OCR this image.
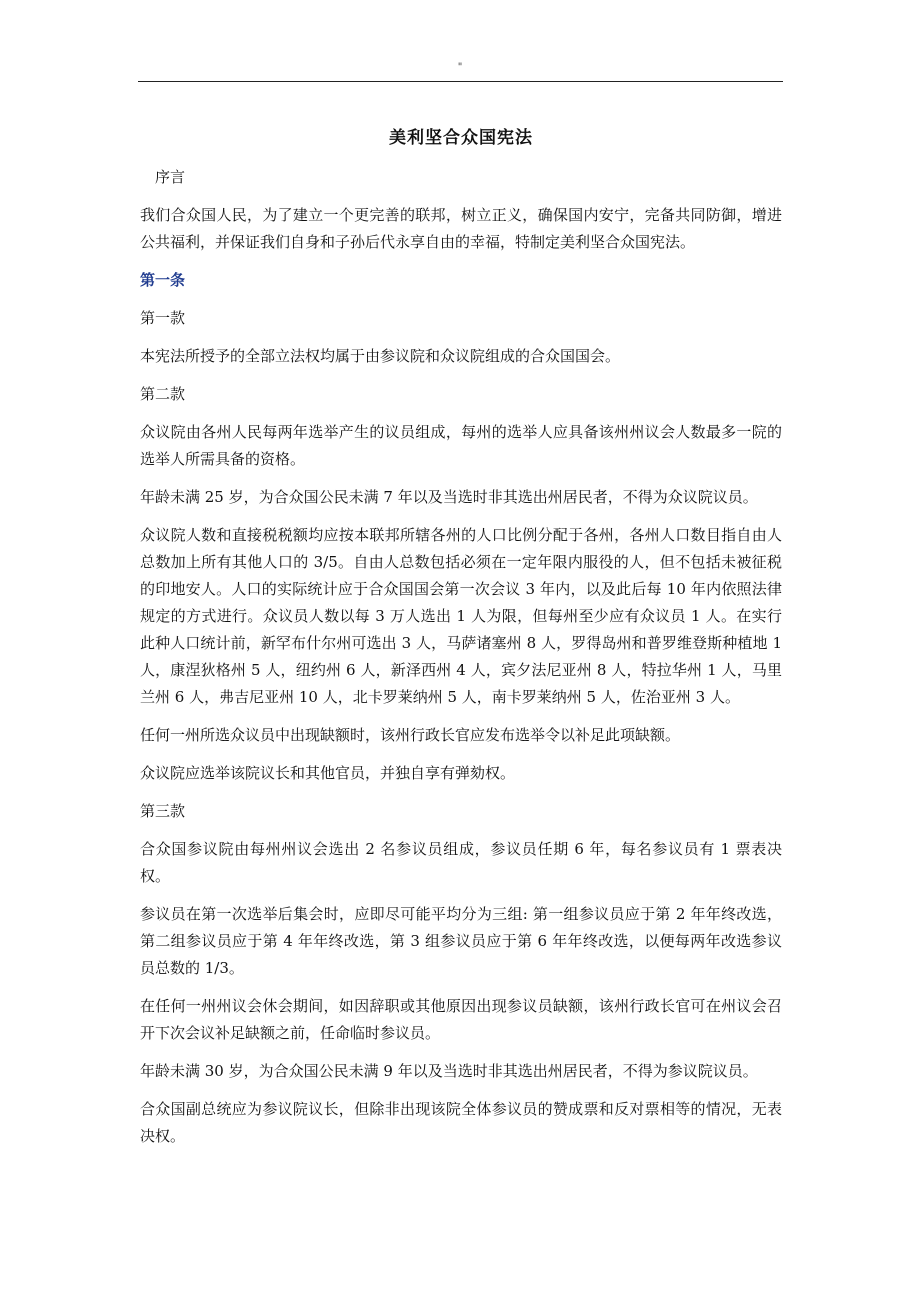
"
美利坚合众国宪法

序言

我们合众国人民，为了建立一个更完善的联邦，树立正义，确保国内安宁，完备共同防御，增进公共福利，并保证我们自身和子孙后代永享自由的幸福，特制定美利坚合众国宪法。

第一条

第一款

本宪法所授予的全部立法权均属于由参议院和众议院组成的合众国国会。

第二款

众议院由各州人民每两年选举产生的议员组成，每州的选举人应具备该州州议会人数最多一院的选举人所需具备的资格。

年龄未满 25 岁，为合众国公民未满 7 年以及当选时非其选出州居民者，不得为众议院议员。

众议院人数和直接税税额均应按本联邦所辖各州的人口比例分配于各州，各州人口数目指自由人总数加上所有其他人口的 3/5。自由人总数包括必须在一定年限内服役的人，但不包括未被征税的印地安人。人口的实际统计应于合众国国会第一次会议 3 年内，以及此后每 10 年内依照法律规定的方式进行。众议员人数以每 3 万人选出 1 人为限，但每州至少应有众议员 1 人。在实行此种人口统计前，新罕布什尔州可选出 3 人，马萨诸塞州 8 人，罗得岛州和普罗维登斯种植地 1 人，康涅狄格州 5 人，纽约州 6 人，新泽西州 4 人，宾夕法尼亚州 8 人，特拉华州 1 人，马里兰州 6 人，弗吉尼亚州 10 人，北卡罗莱纳州 5 人，南卡罗莱纳州 5 人，佐治亚州 3 人。

任何一州所选众议员中出现缺额时，该州行政长官应发布选举令以补足此项缺额。

众议院应选举该院议长和其他官员，并独自享有弹劾权。

第三款

合众国参议院由每州州议会选出 2 名参议员组成，参议员任期 6 年，每名参议员有 1 票表决权。

参议员在第一次选举后集会时，应即尽可能平均分为三组: 第一组参议员应于第 2 年年终改选，第二组参议员应于第 4 年年终改选，第 3 组参议员应于第 6 年年终改选，以便每两年改选参议员总数的 1/3。

在任何一州州议会休会期间，如因辞职或其他原因出现参议员缺额，该州行政长官可在州议会召开下次会议补足缺额之前，任命临时参议员。

年龄未满 30 岁，为合众国公民未满 9 年以及当选时非其选出州居民者，不得为参议院议员。

合众国副总统应为参议院议长，但除非出现该院全体参议员的赞成票和反对票相等的情况，无表决权。
